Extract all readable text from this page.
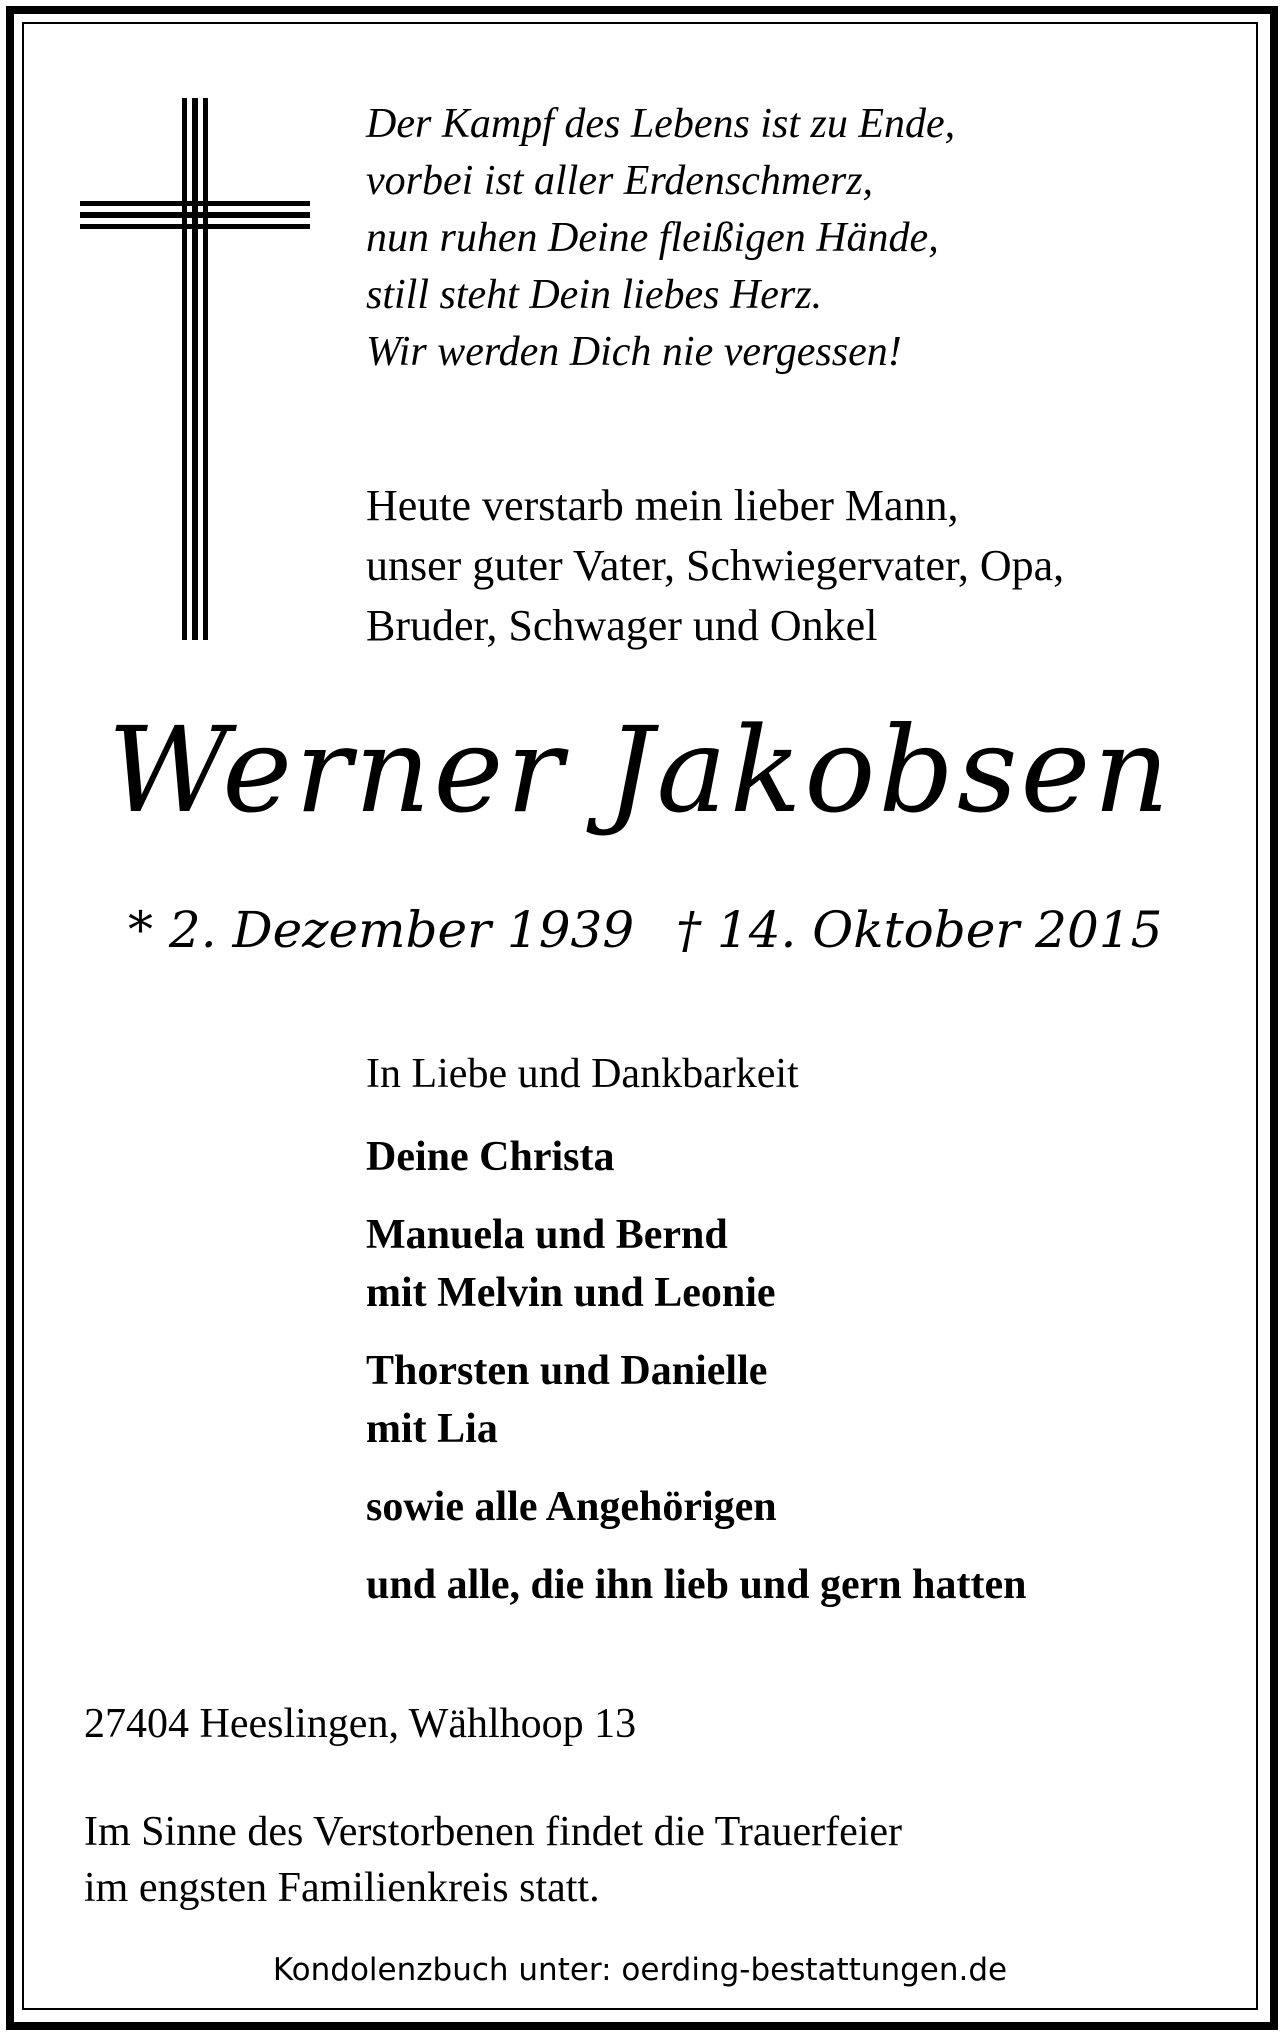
Der Kampf des Lebens ist zu Ende,
vorbei ist aller Erdenschmerz,
nun ruhen Deine fleißigen Hände,
still steht Dein liebes Herz.
Wir werden Dich nie vergessen!
Heute verstarb mein lieber Mann,
unser guter Vater, Schwiegervater, Opa,
Bruder, Schwager und Onkel
Werner Jakobsen
* 2. Dezember 1939 † 14. Oktober 2015
In Liebe und Dankbarkeit
Deine Christa
Manuela und Bernd
mit Melvin und Leonie
Thorsten und Danielle
mit Lia
sowie alle Angehörigen
und alle, die ihn lieb und gern hatten
27404 Heeslingen, Wählhoop 13
Im Sinne des Verstorbenen findet die Trauerfeier
im engsten Familienkreis statt.
Kondolenzbuch unter: oerding-bestattungen.de
